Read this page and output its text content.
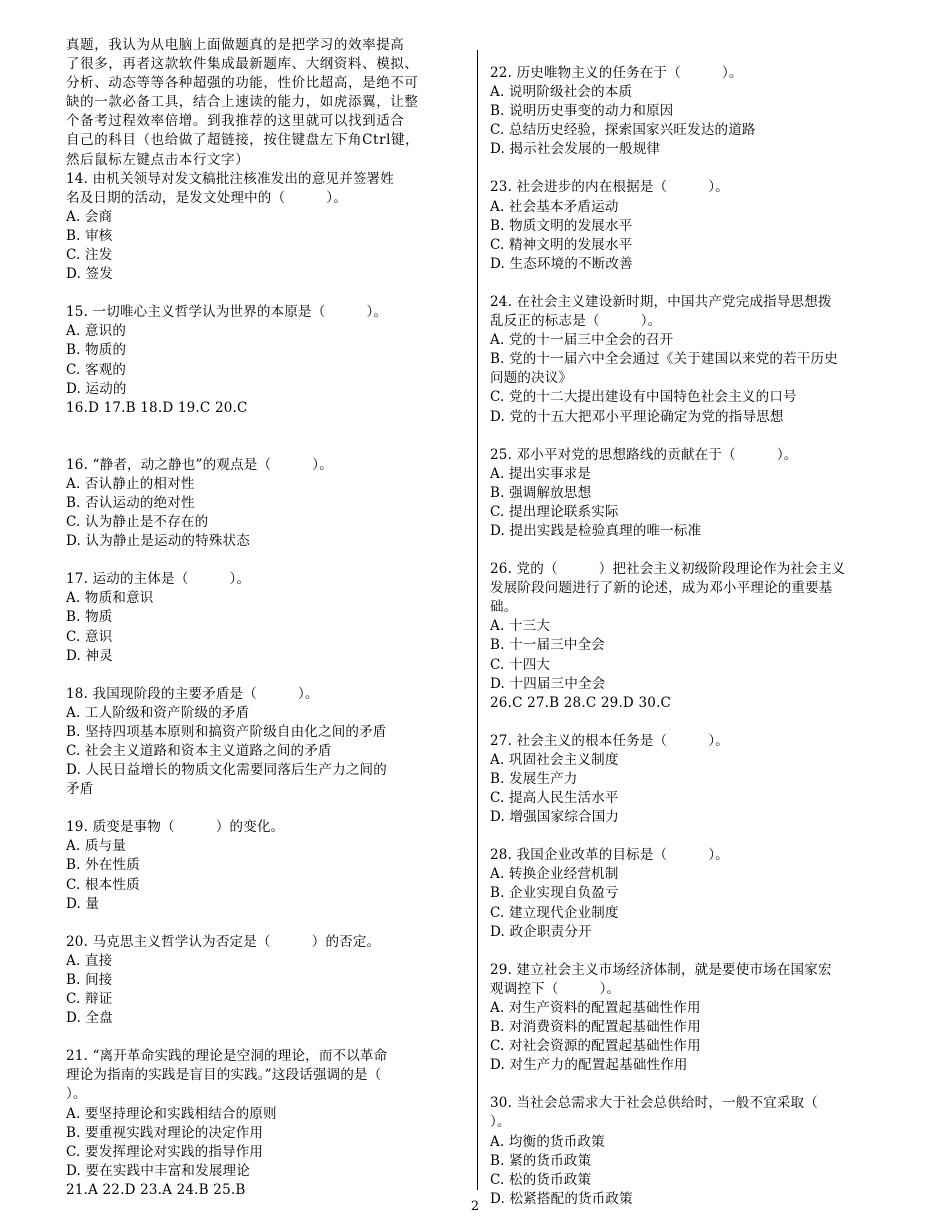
真题，我认为从电脑上面做题真的是把学习的效率提高
了很多，再者这款软件集成最新题库、大纲资料、模拟、
分析、动态等等各种超强的功能，性价比超高，是绝不可
缺的一款必备工具，结合上速读的能力，如虎添翼，让整
个备考过程效率倍增。到我推荐的这里就可以找到适合
自己的科目（也给做了超链接，按住键盘左下角Ctrl键，
然后鼠标左键点击本行文字）
14. 由机关领导对发文稿批注核准发出的意见并签署姓
名及日期的活动，是发文处理中的（　　　）。
A. 会商
B. 审核
C. 注发
D. 签发
15. 一切唯心主义哲学认为世界的本原是（　　　）。
A. 意识的
B. 物质的
C. 客观的
D. 运动的
16.D 17.B 18.D 19.C 20.C
16. “静者，动之静也”的观点是（　　　）。
A. 否认静止的相对性
B. 否认运动的绝对性
C. 认为静止是不存在的
D. 认为静止是运动的特殊状态
17. 运动的主体是（　　　）。
A. 物质和意识
B. 物质
C. 意识
D. 神灵
18. 我国现阶段的主要矛盾是（　　　）。
A. 工人阶级和资产阶级的矛盾
B. 坚持四项基本原则和搞资产阶级自由化之间的矛盾
C. 社会主义道路和资本主义道路之间的矛盾
D. 人民日益增长的物质文化需要同落后生产力之间的
矛盾
19. 质变是事物（　　　）的变化。
A. 质与量
B. 外在性质
C. 根本性质
D. 量
20. 马克思主义哲学认为否定是（　　　）的否定。
A. 直接
B. 间接
C. 辩证
D. 全盘
21. “离开革命实践的理论是空洞的理论，而不以革命
理论为指南的实践是盲目的实践。”这段话强调的是（
）。
A. 要坚持理论和实践相结合的原则
B. 要重视实践对理论的决定作用
C. 要发挥理论对实践的指导作用
D. 要在实践中丰富和发展理论
21.A 22.D 23.A 24.B 25.B
22. 历史唯物主义的任务在于（　　　）。
A. 说明阶级社会的本质
B. 说明历史事变的动力和原因
C. 总结历史经验，探索国家兴旺发达的道路
D. 揭示社会发展的一般规律
23. 社会进步的内在根据是（　　　）。
A. 社会基本矛盾运动
B. 物质文明的发展水平
C. 精神文明的发展水平
D. 生态环境的不断改善
24. 在社会主义建设新时期，中国共产党完成指导思想拨
乱反正的标志是（　　　）。
A. 党的十一届三中全会的召开
B. 党的十一届六中全会通过《关于建国以来党的若干历史
问题的决议》
C. 党的十二大提出建设有中国特色社会主义的口号
D. 党的十五大把邓小平理论确定为党的指导思想
25. 邓小平对党的思想路线的贡献在于（　　　）。
A. 提出实事求是
B. 强调解放思想
C. 提出理论联系实际
D. 提出实践是检验真理的唯一标准
26. 党的（　　　）把社会主义初级阶段理论作为社会主义
发展阶段问题进行了新的论述，成为邓小平理论的重要基
础。
A. 十三大
B. 十一届三中全会
C. 十四大
D. 十四届三中全会
26.C 27.B 28.C 29.D 30.C
27. 社会主义的根本任务是（　　　）。
A. 巩固社会主义制度
B. 发展生产力
C. 提高人民生活水平
D. 增强国家综合国力
28. 我国企业改革的目标是（　　　）。
A. 转换企业经营机制
B. 企业实现自负盈亏
C. 建立现代企业制度
D. 政企职责分开
29. 建立社会主义市场经济体制，就是要使市场在国家宏
观调控下（　　　）。
A. 对生产资料的配置起基础性作用
B. 对消费资料的配置起基础性作用
C. 对社会资源的配置起基础性作用
D. 对生产力的配置起基础性作用
30. 当社会总需求大于社会总供给时，一般不宜采取（
）。
A. 均衡的货币政策
B. 紧的货币政策
C. 松的货币政策
D. 松紧搭配的货币政策
2
